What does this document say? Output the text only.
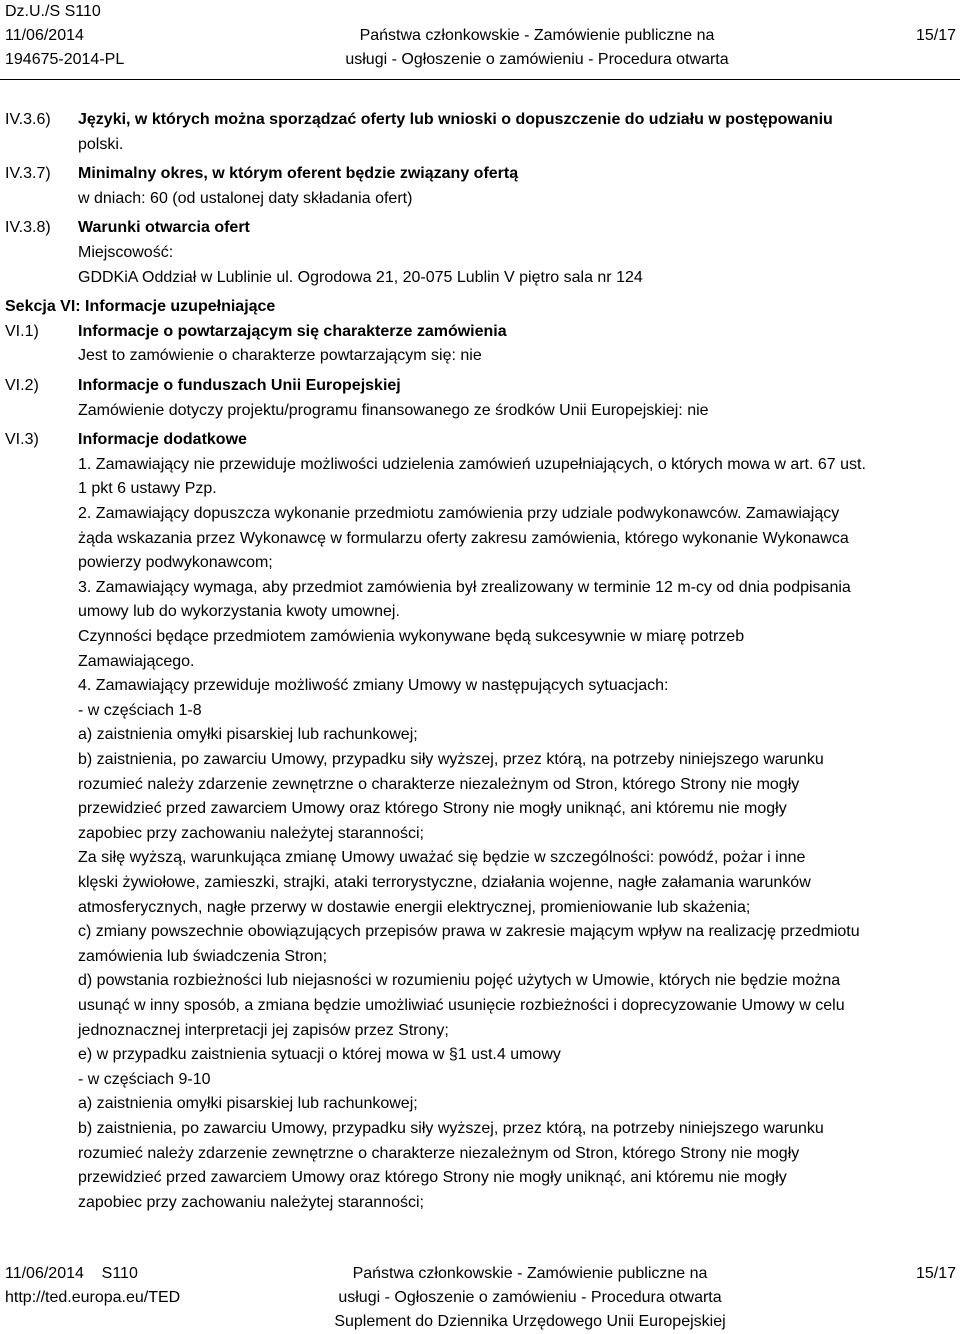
Dz.U./S S110
11/06/2014
194675-2014-PL
Państwa członkowskie - Zamówienie publiczne na
usługi - Ogłoszenie o zamówieniu - Procedura otwarta
15/17
IV.3.6) Języki, w których można sporządzać oferty lub wnioski o dopuszczenie do udziału w postępowaniu
polski.
IV.3.7) Minimalny okres, w którym oferent będzie związany ofertą
w dniach: 60 (od ustalonej daty składania ofert)
IV.3.8) Warunki otwarcia ofert
Miejscowość:
GDDKiA Oddział w Lublinie ul. Ogrodowa 21, 20-075 Lublin V piętro sala nr 124
Sekcja VI: Informacje uzupełniające
VI.1) Informacje o powtarzającym się charakterze zamówienia
Jest to zamówienie o charakterze powtarzającym się: nie
VI.2) Informacje o funduszach Unii Europejskiej
Zamówienie dotyczy projektu/programu finansowanego ze środków Unii Europejskiej: nie
VI.3) Informacje dodatkowe
1. Zamawiający nie przewiduje możliwości udzielenia zamówień uzupełniających, o których mowa w art. 67 ust.
1 pkt 6 ustawy Pzp.
2. Zamawiający dopuszcza wykonanie przedmiotu zamówienia przy udziale podwykonawców. Zamawiający
żąda wskazania przez Wykonawcę w formularzu oferty zakresu zamówienia, którego wykonanie Wykonawca
powierzy podwykonawcom;
3. Zamawiający wymaga, aby przedmiot zamówienia był zrealizowany w terminie 12 m-cy od dnia podpisania
umowy lub do wykorzystania kwoty umownej.
Czynności będące przedmiotem zamówienia wykonywane będą sukcesywnie w miarę potrzeb
Zamawiającego.
4. Zamawiający przewiduje możliwość zmiany Umowy w następujących sytuacjach:
- w częściach 1-8
a) zaistnienia omyłki pisarskiej lub rachunkowej;
b) zaistnienia, po zawarciu Umowy, przypadku siły wyższej, przez którą, na potrzeby niniejszego warunku
rozumieć należy zdarzenie zewnętrzne o charakterze niezależnym od Stron, którego Strony nie mogły
przewidzieć przed zawarciem Umowy oraz którego Strony nie mogły uniknąć, ani któremu nie mogły
zapobiec przy zachowaniu należytej staranności;
Za siłę wyższą, warunkująca zmianę Umowy uważać się będzie w szczególności: powódź, pożar i inne
klęski żywiołowe, zamieszki, strajki, ataki terrorystyczne, działania wojenne, nagłe załamania warunków
atmosferycznych, nagłe przerwy w dostawie energii elektrycznej, promieniowanie lub skażenia;
c) zmiany powszechnie obowiązujących przepisów prawa w zakresie mającym wpływ na realizację przedmiotu
zamówienia lub świadczenia Stron;
d) powstania rozbieżności lub niejasności w rozumieniu pojęć użytych w Umowie, których nie będzie można
usunąć w inny sposób, a zmiana będzie umożliwiać usunięcie rozbieżności i doprecyzowanie Umowy w celu
jednoznacznej interpretacji jej zapisów przez Strony;
e) w przypadku zaistnienia sytuacji o której mowa w §1 ust.4 umowy
- w częściach 9-10
a) zaistnienia omyłki pisarskiej lub rachunkowej;
b) zaistnienia, po zawarciu Umowy, przypadku siły wyższej, przez którą, na potrzeby niniejszego warunku
rozumieć należy zdarzenie zewnętrzne o charakterze niezależnym od Stron, którego Strony nie mogły
przewidzieć przed zawarciem Umowy oraz którego Strony nie mogły uniknąć, ani któremu nie mogły
zapobiec przy zachowaniu należytej staranności;
11/06/2014    S110
http://ted.europa.eu/TED
Państwa członkowskie - Zamówienie publiczne na
usługi - Ogłoszenie o zamówieniu - Procedura otwarta
Suplement do Dziennika Urzędowego Unii Europejskiej
15/17
